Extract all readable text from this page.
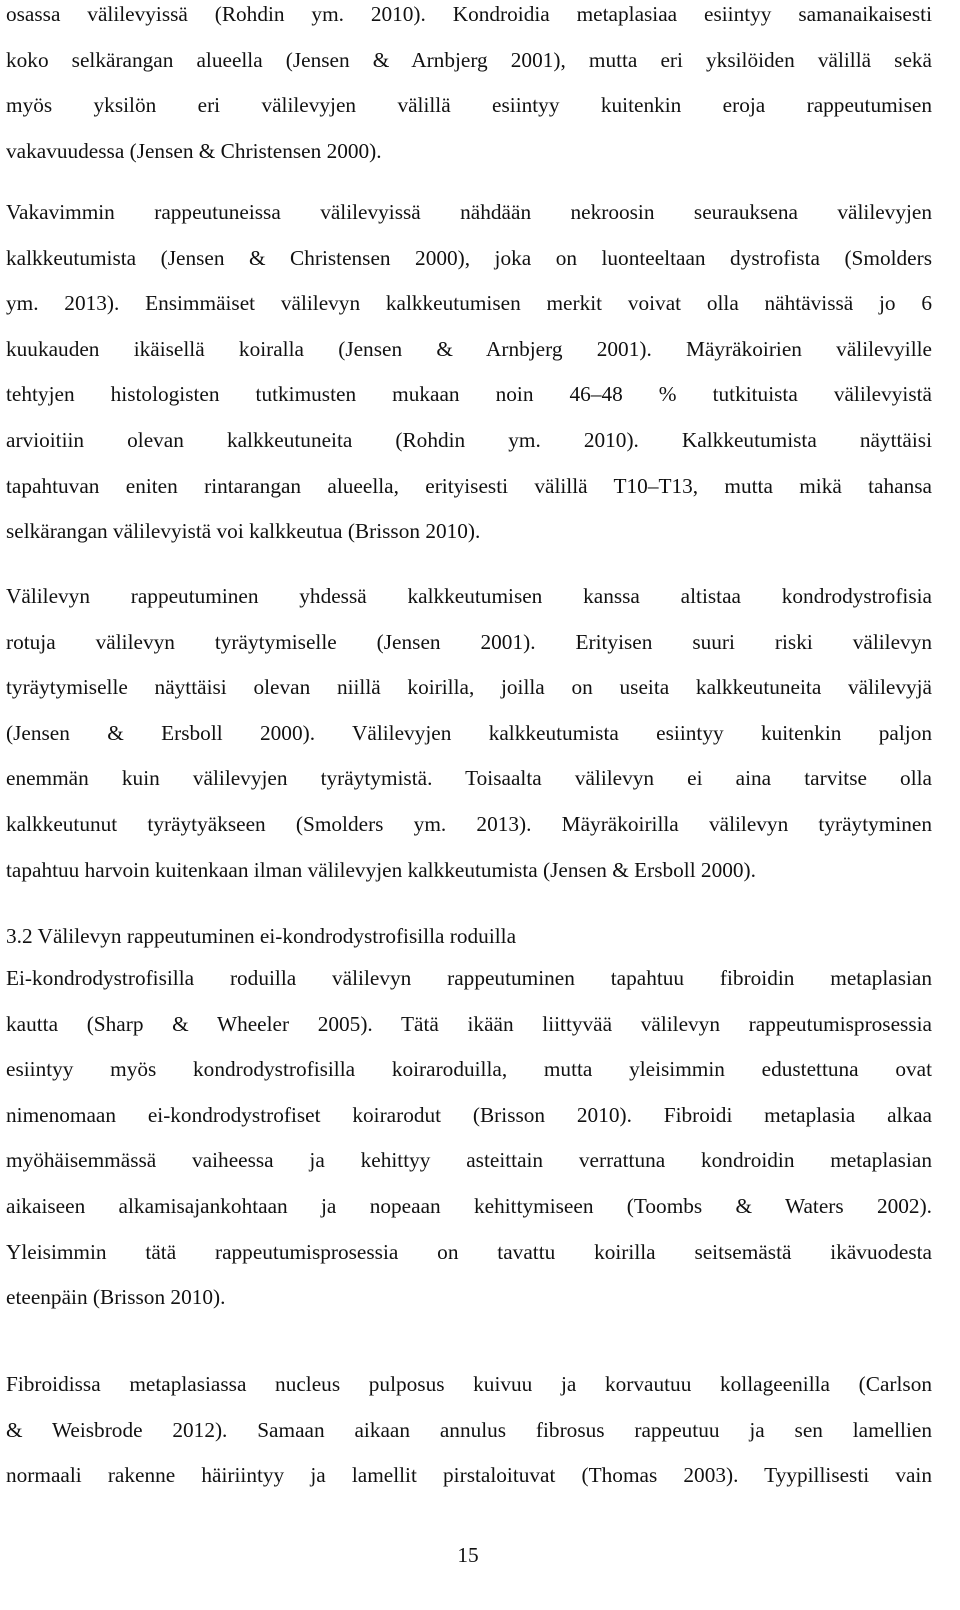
osassa välilevyissä (Rohdin ym. 2010). Kondroidia metaplasiaa esiintyy samanaikaisesti
koko selkärangan alueella (Jensen & Arnbjerg 2001), mutta eri yksilöiden välillä sekä
myös yksilön eri välilevyjen välillä esiintyy kuitenkin eroja rappeutumisen
vakavuudessa (Jensen & Christensen 2000).

Vakavimmin rappeutuneissa välilevyissä nähdään nekroosin seurauksena välilevyjen
kalkkeutumista (Jensen & Christensen 2000), joka on luonteeltaan dystrofista (Smolders
ym. 2013). Ensimmäiset välilevyn kalkkeutumisen merkit voivat olla nähtävissä jo 6
kuukauden ikäisellä koiralla (Jensen & Arnbjerg 2001). Mäyräkoirien välilevyille
tehtyjen histologisten tutkimusten mukaan noin 46–48 % tutkituista välilevyistä
arvioitiin olevan kalkkeutuneita (Rohdin ym. 2010). Kalkkeutumista näyttäisi
tapahtuvan eniten rintarangan alueella, erityisesti välillä T10–T13, mutta mikä tahansa
selkärangan välilevyistä voi kalkkeutua (Brisson 2010).

Välilevyn rappeutuminen yhdessä kalkkeutumisen kanssa altistaa kondrodystrofisia
rotuja välilevyn tyräytymiselle (Jensen 2001). Erityisen suuri riski välilevyn
tyräytymiselle näyttäisi olevan niillä koirilla, joilla on useita kalkkeutuneita välilevyjä
(Jensen & Ersboll 2000). Välilevyjen kalkkeutumista esiintyy kuitenkin paljon
enemmän kuin välilevyjen tyräytymistä. Toisaalta välilevyn ei aina tarvitse olla
kalkkeutunut tyräytyäkseen (Smolders ym. 2013). Mäyräkoirilla välilevyn tyräytyminen
tapahtuu harvoin kuitenkaan ilman välilevyjen kalkkeutumista (Jensen & Ersboll 2000).

3.2 Välilevyn rappeutuminen ei-kondrodystrofisilla roduilla

Ei-kondrodystrofisilla roduilla välilevyn rappeutuminen tapahtuu fibroidin metaplasian
kautta (Sharp & Wheeler 2005). Tätä ikään liittyvää välilevyn rappeutumisprosessia
esiintyy myös kondrodystrofisilla koiraroduilla, mutta yleisimmin edustettuna ovat
nimenomaan ei-kondrodystrofiset koirarodut (Brisson 2010). Fibroidi metaplasia alkaa
myöhäisemmässä vaiheessa ja kehittyy asteittain verrattuna kondroidin metaplasian
aikaiseen alkamisajankohtaan ja nopeaan kehittymiseen (Toombs & Waters 2002).
Yleisimmin tätä rappeutumisprosessia on tavattu koirilla seitsemästä ikävuodesta
eteenpäin (Brisson 2010).

Fibroidissa metaplasiassa nucleus pulposus kuivuu ja korvautuu kollageenilla (Carlson
& Weisbrode 2012). Samaan aikaan annulus fibrosus rappeutuu ja sen lamellien
normaali rakenne häiriintyy ja lamellit pirstaloituvat (Thomas 2003). Tyypillisesti vain

15
